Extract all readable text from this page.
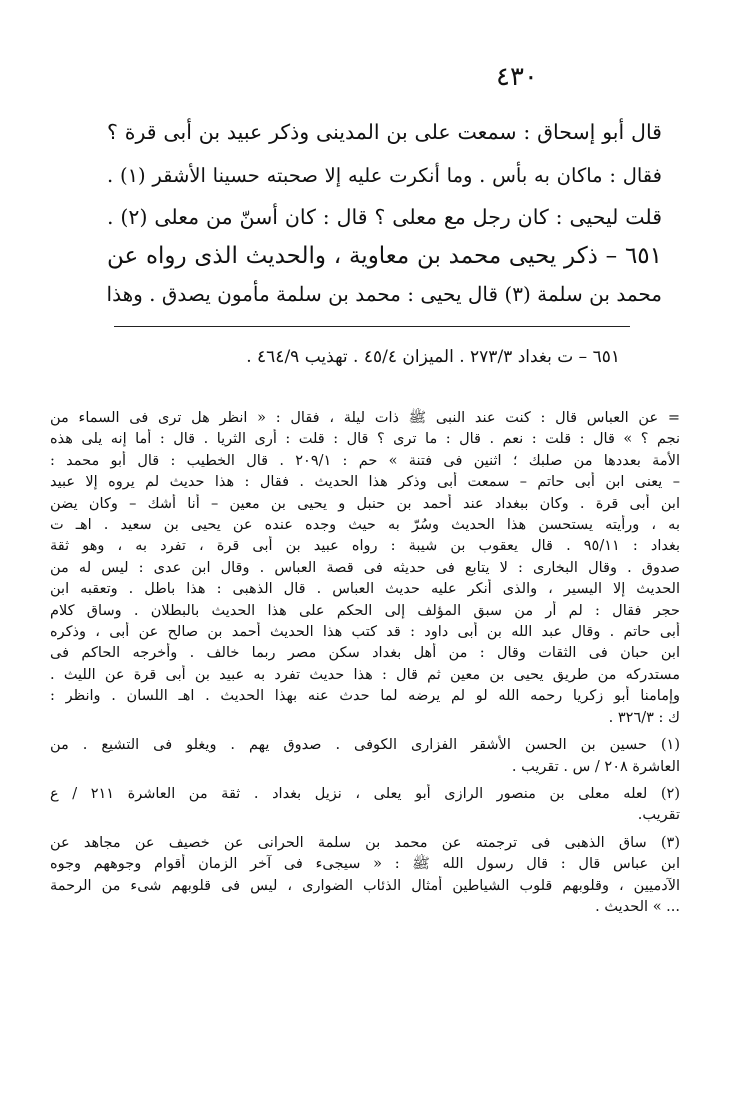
٤٣٠
قال أبو إسحاق : سمعت على بن المدينى وذكر عبيد بن أبى قرة ؟
فقال : ماكان به بأس . وما أنكرت عليه إلا صحبته حسينا الأشقر (١) .
قلت ليحيى : كان رجل مع معلى ؟ قال : كان أسنّ من معلى (٢) .
٦٥١ – ذكر يحيى محمد بن معاوية ، والحديث الذى رواه عن
محمد بن سلمة (٣) قال يحيى : محمد بن سلمة مأمون يصدق . وهذا
٦٥١ – ت بغداد ٢٧٣/٣ . الميزان ٤٥/٤ . تهذيب ٤٦٤/٩ .

= عن العباس قال : كنت عند النبى ﷺ ذات ليلة ، فقال : « انظر هل ترى فى السماء من

نجم ؟ » قال : قلت : نعم . قال : ما ترى ؟ قال : قلت : أرى الثريا . قال : أما إنه يلى هذه

الأمة بعددها من صلبك ؛ اثنين فى فتنة » حم : ٢٠٩/١ . قال الخطيب : قال أبو محمد :

– يعنى ابن أبى حاتم – سمعت أبى وذكر هذا الحديث . فقال : هذا حديث لم يروه إلا عبيد

ابن أبى قرة . وكان ببغداد عند أحمد بن حنبل و يحيى بن معين – أنا أشك – وكان يضن

به ، ورأيته يستحسن هذا الحديث وسُرّ به حيث وجده عنده عن يحيى بن سعيد . اهـ ت

بغداد : ٩٥/١١ . قال يعقوب بن شيبة : رواه عبيد بن أبى قرة ، تفرد به ، وهو ثقة

صدوق . وقال البخارى : لا يتابع فى حديثه فى قصة العباس . وقال ابن عدى : ليس له من

الحديث إلا اليسير ، والذى أنكر عليه حديث العباس . قال الذهبى : هذا باطل . وتعقبه ابن

حجر فقال : لم أر من سبق المؤلف إلى الحكم على هذا الحديث بالبطلان . وساق كلام

أبى حاتم . وقال عبد الله بن أبى داود : قد كتب هذا الحديث أحمد بن صالح عن أبى ، وذكره

ابن حبان فى الثقات وقال : من أهل بغداد سكن مصر ربما خالف . وأخرجه الحاكم فى

مستدركه من طريق يحيى بن معين ثم قال : هذا حديث تفرد به عبيد بن أبى قرة عن الليث .

وإمامنا أبو زكريا رحمه الله لو لم يرضه لما حدث عنه بهذا الحديث . اهـ اللسان . وانظر :

ك : ٣٢٦/٣ .

(١) حسين بن الحسن الأشقر الفزارى الكوفى . صدوق يهم . ويغلو فى التشيع . من

العاشرة ٢٠٨ / س . تقريب .

(٢) لعله معلى بن منصور الرازى أبو يعلى ، نزيل بغداد . ثقة من العاشرة ٢١١ / ع

تقريب.

(٣) ساق الذهبى فى ترجمته عن محمد بن سلمة الحرانى عن خصيف عن مجاهد عن

ابن عباس قال : قال رسول الله ﷺ : « سيجىء فى آخر الزمان أقوام وجوههم وجوه

الآدميين ، وقلوبهم قلوب الشياطين أمثال الذئاب الضوارى ، ليس فى قلوبهم شىء من الرحمة

... » الحديث .
